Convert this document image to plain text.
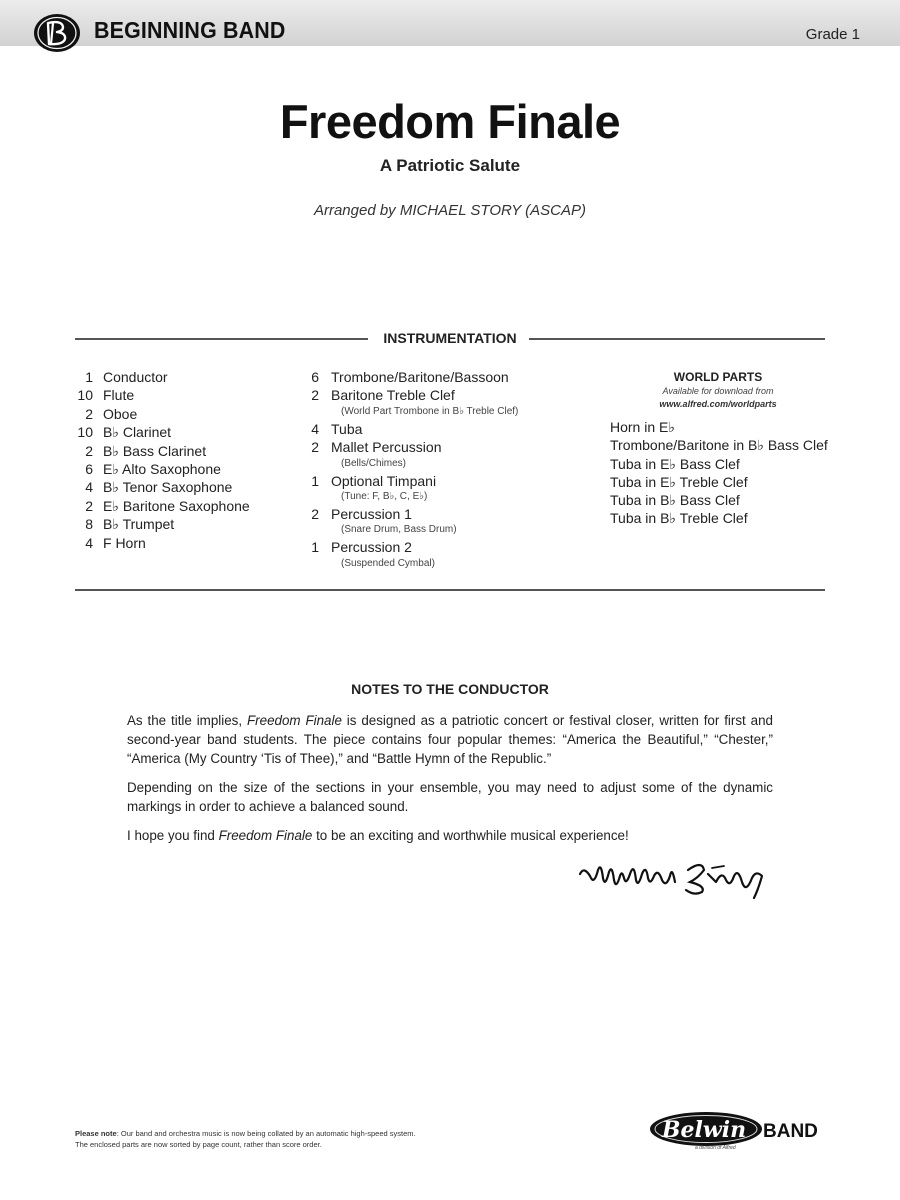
BEGINNING BAND	Grade 1
Freedom Finale
A Patriotic Salute
Arranged by MICHAEL STORY (ASCAP)
INSTRUMENTATION
1 Conductor
10 Flute
2 Oboe
10 B♭ Clarinet
2 B♭ Bass Clarinet
6 E♭ Alto Saxophone
4 B♭ Tenor Saxophone
2 E♭ Baritone Saxophone
8 B♭ Trumpet
4 F Horn
6 Trombone/Baritone/Bassoon
2 Baritone Treble Clef
(World Part Trombone in B♭ Treble Clef)
4 Tuba
2 Mallet Percussion
(Bells/Chimes)
1 Optional Timpani
(Tune: F, B♭, C, E♭)
2 Percussion 1
(Snare Drum, Bass Drum)
1 Percussion 2
(Suspended Cymbal)
WORLD PARTS
Available for download from
www.alfred.com/worldparts
Horn in E♭
Trombone/Baritone in B♭ Bass Clef
Tuba in E♭ Bass Clef
Tuba in E♭ Treble Clef
Tuba in B♭ Bass Clef
Tuba in B♭ Treble Clef
NOTES TO THE CONDUCTOR

As the title implies, Freedom Finale is designed as a patriotic concert or festival closer, written for first and second-year band students. The piece contains four popular themes: “America the Beautiful,” “Chester,” “America (My Country ‘Tis of Thee),” and “Battle Hymn of the Republic.”

Depending on the size of the sections in your ensemble, you may need to adjust some of the dynamic markings in order to achieve a balanced sound.

I hope you find Freedom Finale to be an exciting and worthwhile musical experience!

Please note: Our band and orchestra music is now being collated by an automatic high-speed system.
The enclosed parts are now sorted by page count, rather than score order.
Belwin BAND
a division of Alfred
